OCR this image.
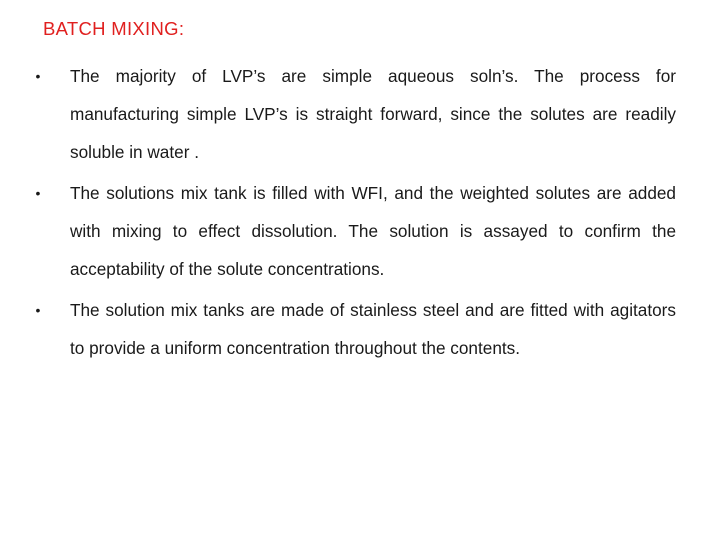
BATCH MIXING:
•	The majority of LVP’s are simple aqueous soln’s. The process for manufacturing simple LVP’s is straight forward, since the solutes are readily soluble in water .
•	The solutions mix tank is filled with WFI, and the weighted solutes are added with mixing to effect dissolution. The solution is assayed to confirm the acceptability of the solute concentrations.
•	The solution mix tanks are made of stainless steel and are fitted with agitators to provide a uniform concentration throughout the contents.
